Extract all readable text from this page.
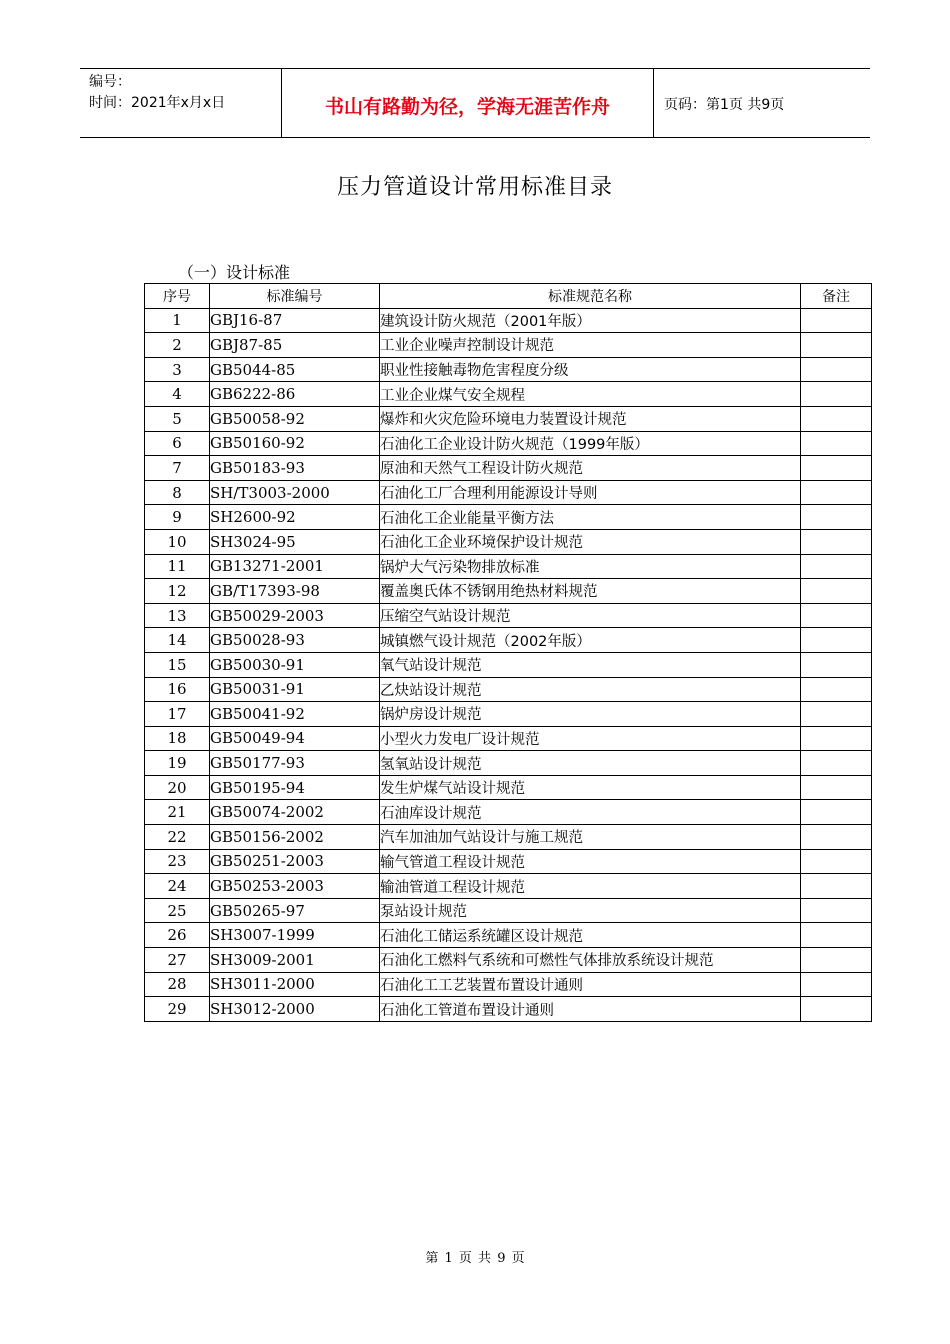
编号：
时间：2021年x月x日	书山有路勤为径，学海无涯苦作舟	页码：第1页 共9页
压力管道设计常用标准目录
（一）设计标准
序号	标准编号	标准规范名称	备注
1	GBJ16-87	建筑设计防火规范（2001年版）	
2	GBJ87-85	工业企业噪声控制设计规范	
3	GB5044-85	职业性接触毒物危害程度分级	
4	GB6222-86	工业企业煤气安全规程	
5	GB50058-92	爆炸和火灾危险环境电力装置设计规范	
6	GB50160-92	石油化工企业设计防火规范（1999年版）	
7	GB50183-93	原油和天然气工程设计防火规范	
8	SH/T3003-2000	石油化工厂合理利用能源设计导则	
9	SH2600-92	石油化工企业能量平衡方法	
10	SH3024-95	石油化工企业环境保护设计规范	
11	GB13271-2001	锅炉大气污染物排放标准	
12	GB/T17393-98	覆盖奥氏体不锈钢用绝热材料规范	
13	GB50029-2003	压缩空气站设计规范	
14	GB50028-93	城镇燃气设计规范（2002年版）	
15	GB50030-91	氧气站设计规范	
16	GB50031-91	乙炔站设计规范	
17	GB50041-92	锅炉房设计规范	
18	GB50049-94	小型火力发电厂设计规范	
19	GB50177-93	氢氧站设计规范	
20	GB50195-94	发生炉煤气站设计规范	
21	GB50074-2002	石油库设计规范	
22	GB50156-2002	汽车加油加气站设计与施工规范	
23	GB50251-2003	输气管道工程设计规范	
24	GB50253-2003	输油管道工程设计规范	
25	GB50265-97	泵站设计规范	
26	SH3007-1999	石油化工储运系统罐区设计规范	
27	SH3009-2001	石油化工燃料气系统和可燃性气体排放系统设计规范	
28	SH3011-2000	石油化工工艺装置布置设计通则	
29	SH3012-2000	石油化工管道布置设计通则	
第 1 页 共 9 页
